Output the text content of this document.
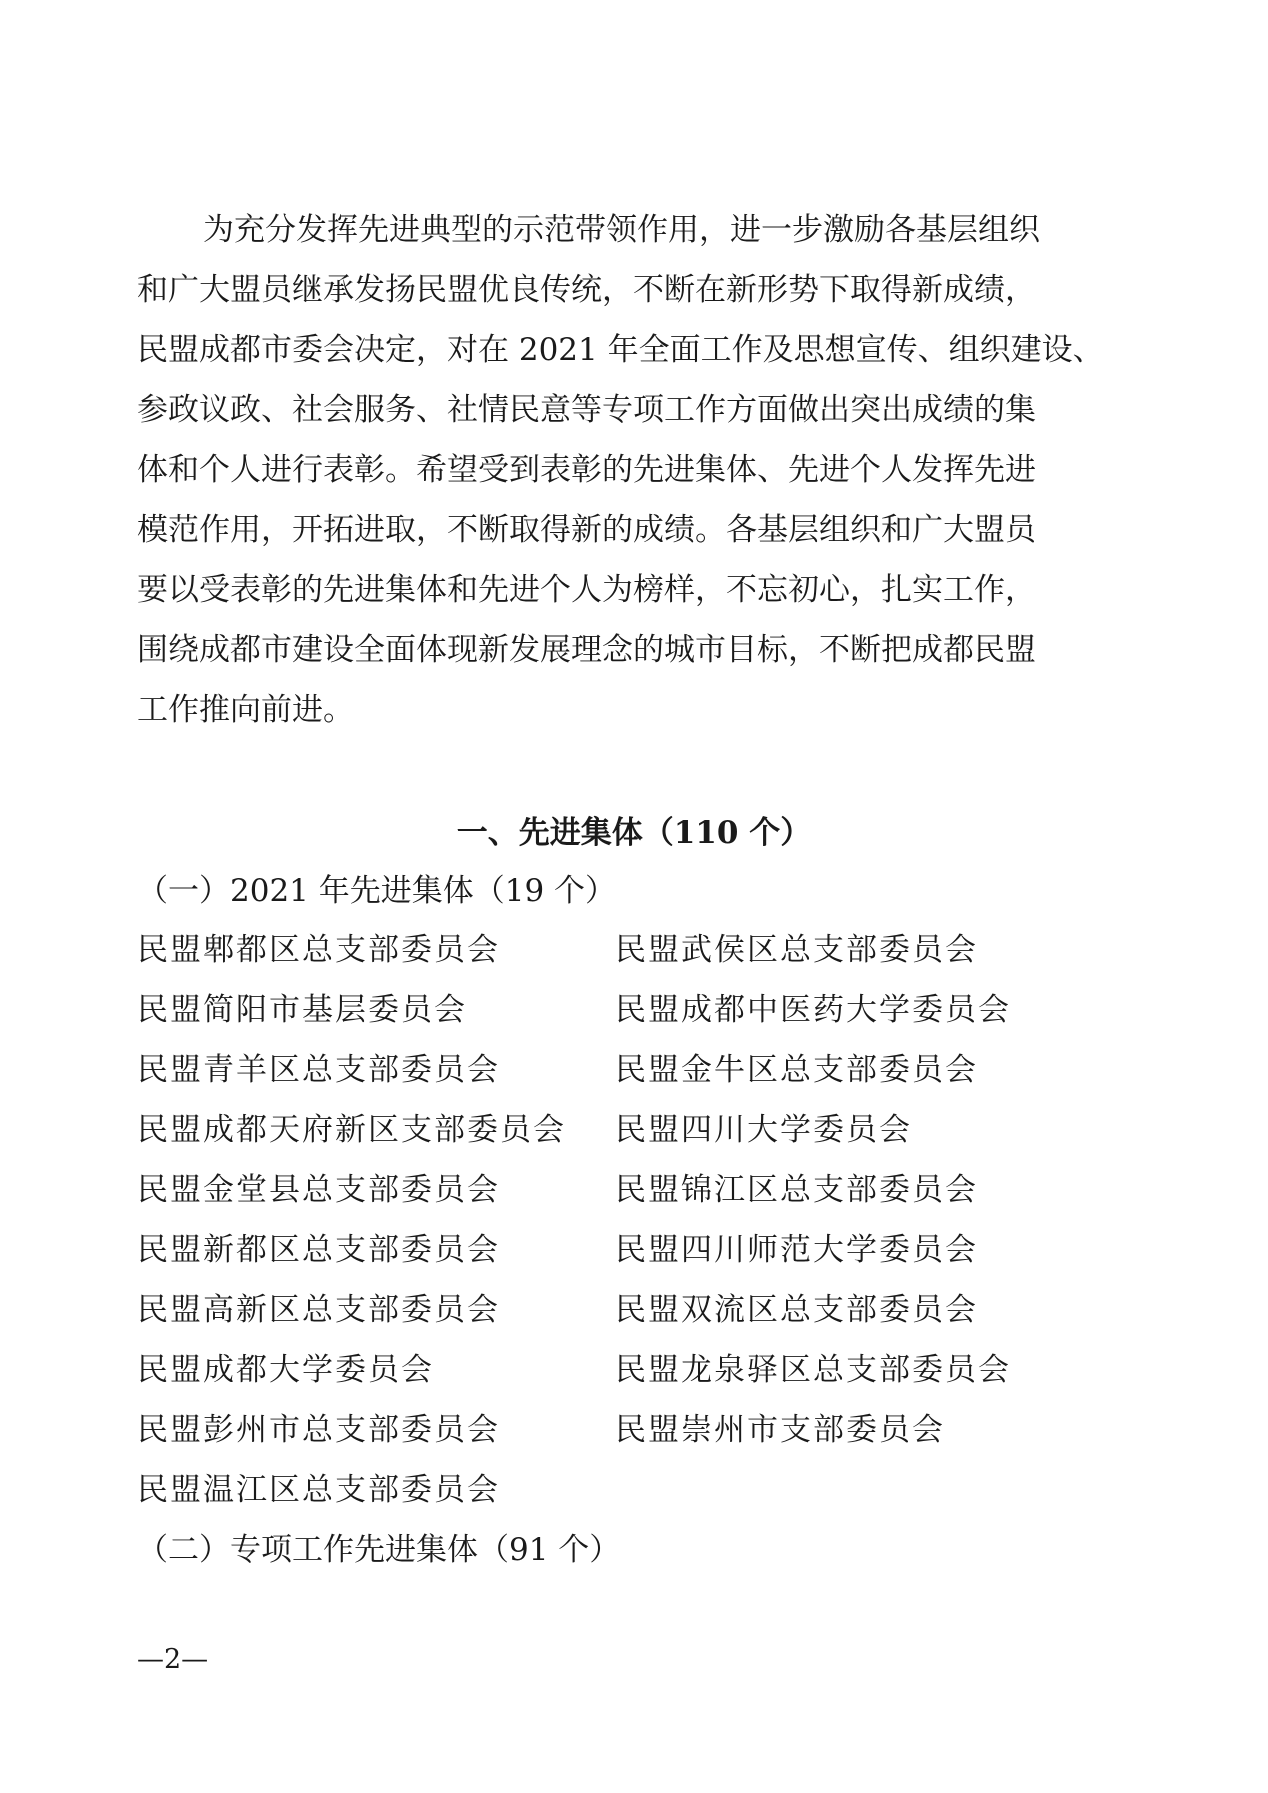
为充分发挥先进典型的示范带领作用，进一步激励各基层组织
和广大盟员继承发扬民盟优良传统，不断在新形势下取得新成绩，
民盟成都市委会决定，对在 2021 年全面工作及思想宣传、组织建设、
参政议政、社会服务、社情民意等专项工作方面做出突出成绩的集
体和个人进行表彰。希望受到表彰的先进集体、先进个人发挥先进
模范作用，开拓进取，不断取得新的成绩。各基层组织和广大盟员
要以受表彰的先进集体和先进个人为榜样，不忘初心，扎实工作，
围绕成都市建设全面体现新发展理念的城市目标，不断把成都民盟
工作推向前进。
一、先进集体（110 个）
（一）2021 年先进集体（19 个）
民盟郫都区总支部委员会	民盟武侯区总支部委员会
民盟简阳市基层委员会	民盟成都中医药大学委员会
民盟青羊区总支部委员会	民盟金牛区总支部委员会
民盟成都天府新区支部委员会	民盟四川大学委员会
民盟金堂县总支部委员会	民盟锦江区总支部委员会
民盟新都区总支部委员会	民盟四川师范大学委员会
民盟高新区总支部委员会	民盟双流区总支部委员会
民盟成都大学委员会	民盟龙泉驿区总支部委员会
民盟彭州市总支部委员会	民盟崇州市支部委员会
民盟温江区总支部委员会
（二）专项工作先进集体（91 个）
—2—
